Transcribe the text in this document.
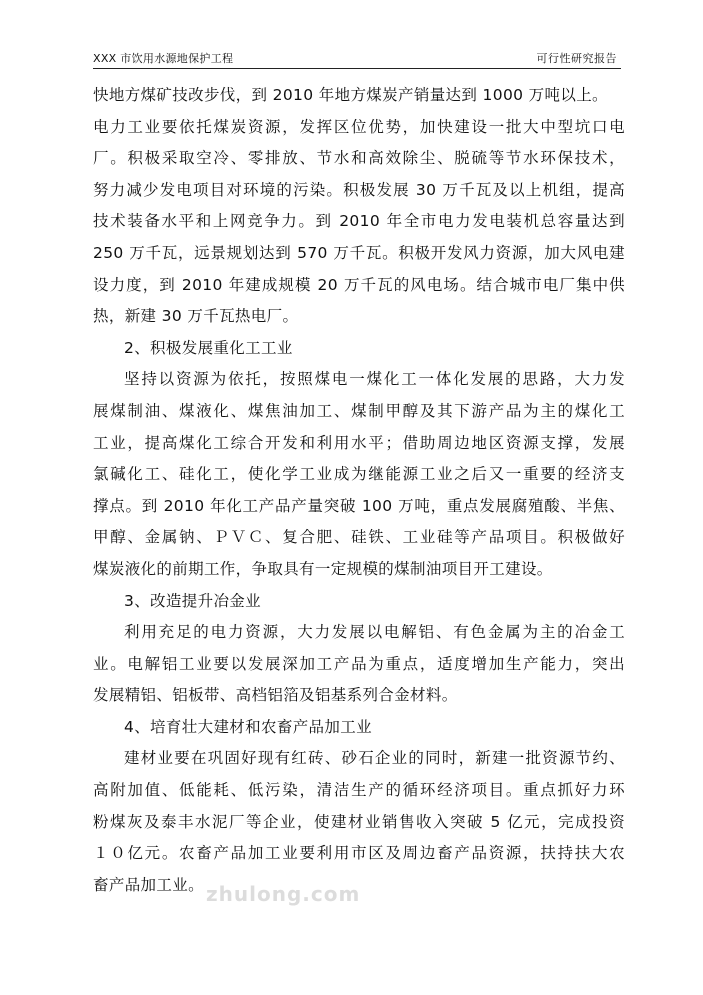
XXX 市饮用水源地保护工程	可行性研究报告
快地方煤矿技改步伐，到 2010 年地方煤炭产销量达到 1000 万吨以上。
电力工业要依托煤炭资源，发挥区位优势，加快建设一批大中型坑口电
厂。积极采取空冷、零排放、节水和高效除尘、脱硫等节水环保技术，
努力减少发电项目对环境的污染。积极发展 30 万千瓦及以上机组，提高
技术装备水平和上网竞争力。到 2010 年全市电力发电装机总容量达到
250 万千瓦，远景规划达到 570 万千瓦。积极开发风力资源，加大风电建
设力度，到 2010 年建成规模 20 万千瓦的风电场。结合城市电厂集中供
热，新建 30 万千瓦热电厂。
2、积极发展重化工工业
坚持以资源为依托，按照煤电一煤化工一体化发展的思路，大力发
展煤制油、煤液化、煤焦油加工、煤制甲醇及其下游产品为主的煤化工
工业，提高煤化工综合开发和利用水平；借助周边地区资源支撑，发展
氯碱化工、硅化工，使化学工业成为继能源工业之后又一重要的经济支
撑点。到 2010 年化工产品产量突破 100 万吨，重点发展腐殖酸、半焦、
甲醇、金属钠、ＰＶＣ、复合肥、硅铁、工业硅等产品项目。积极做好
煤炭液化的前期工作，争取具有一定规模的煤制油项目开工建设。
3、改造提升冶金业
利用充足的电力资源，大力发展以电解铝、有色金属为主的冶金工
业。电解铝工业要以发展深加工产品为重点，适度增加生产能力，突出
发展精铝、铝板带、高档铝箔及铝基系列合金材料。
4、培育壮大建材和农畜产品加工业
建材业要在巩固好现有红砖、砂石企业的同时，新建一批资源节约、
高附加值、低能耗、低污染，清洁生产的循环经济项目。重点抓好力环
粉煤灰及泰丰水泥厂等企业，使建材业销售收入突破 5 亿元，完成投资
１０亿元。农畜产品加工业要利用市区及周边畜产品资源，扶持扶大农
畜产品加工业。 zhulong.com
